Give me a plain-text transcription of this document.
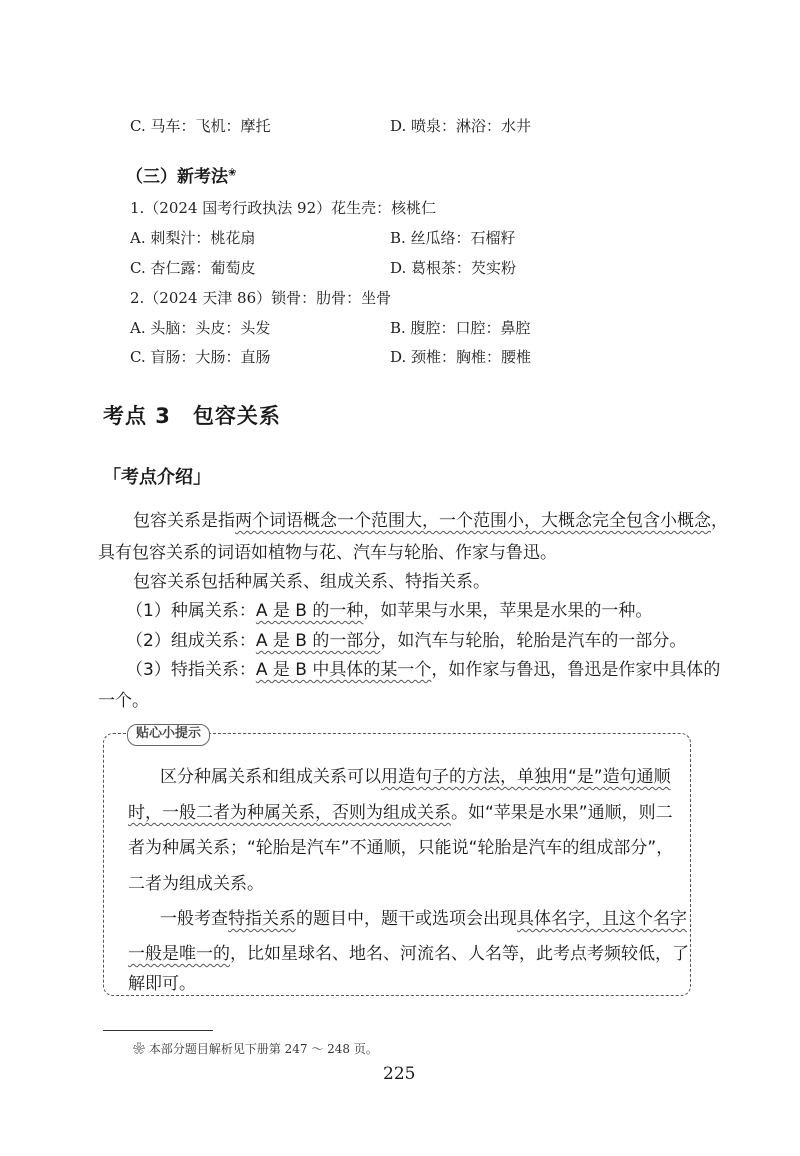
C. 马车：飞机：摩托	D. 喷泉：淋浴：水井
（三）新考法❀
1.（2024 国考行政执法 92）花生壳：核桃仁
A. 刺梨汁：桃花扇	B. 丝瓜络：石榴籽
C. 杏仁露：葡萄皮	D. 葛根茶：芡实粉
2.（2024 天津 86）锁骨：肋骨：坐骨
A. 头脑：头皮：头发	B. 腹腔：口腔：鼻腔
C. 盲肠：大肠：直肠	D. 颈椎：胸椎：腰椎
考点 3　包容关系
「考点介绍」
包容关系是指两个词语概念一个范围大，一个范围小，大概念完全包含小概念，
具有包容关系的词语如植物与花、汽车与轮胎、作家与鲁迅。
包容关系包括种属关系、组成关系、特指关系。
（1）种属关系：A 是 B 的一种，如苹果与水果，苹果是水果的一种。
（2）组成关系：A 是 B 的一部分，如汽车与轮胎，轮胎是汽车的一部分。
（3）特指关系：A 是 B 中具体的某一个，如作家与鲁迅，鲁迅是作家中具体的
一个。
贴心小提示
区分种属关系和组成关系可以用造句子的方法，单独用“是”造句通顺
时，一般二者为种属关系，否则为组成关系。如“苹果是水果”通顺，则二
者为种属关系；“轮胎是汽车”不通顺，只能说“轮胎是汽车的组成部分”，
二者为组成关系。
一般考查特指关系的题目中，题干或选项会出现具体名字，且这个名字
一般是唯一的，比如星球名、地名、河流名、人名等，此考点考频较低，了
解即可。
❀ 本部分题目解析见下册第 247 ～ 248 页。
225
